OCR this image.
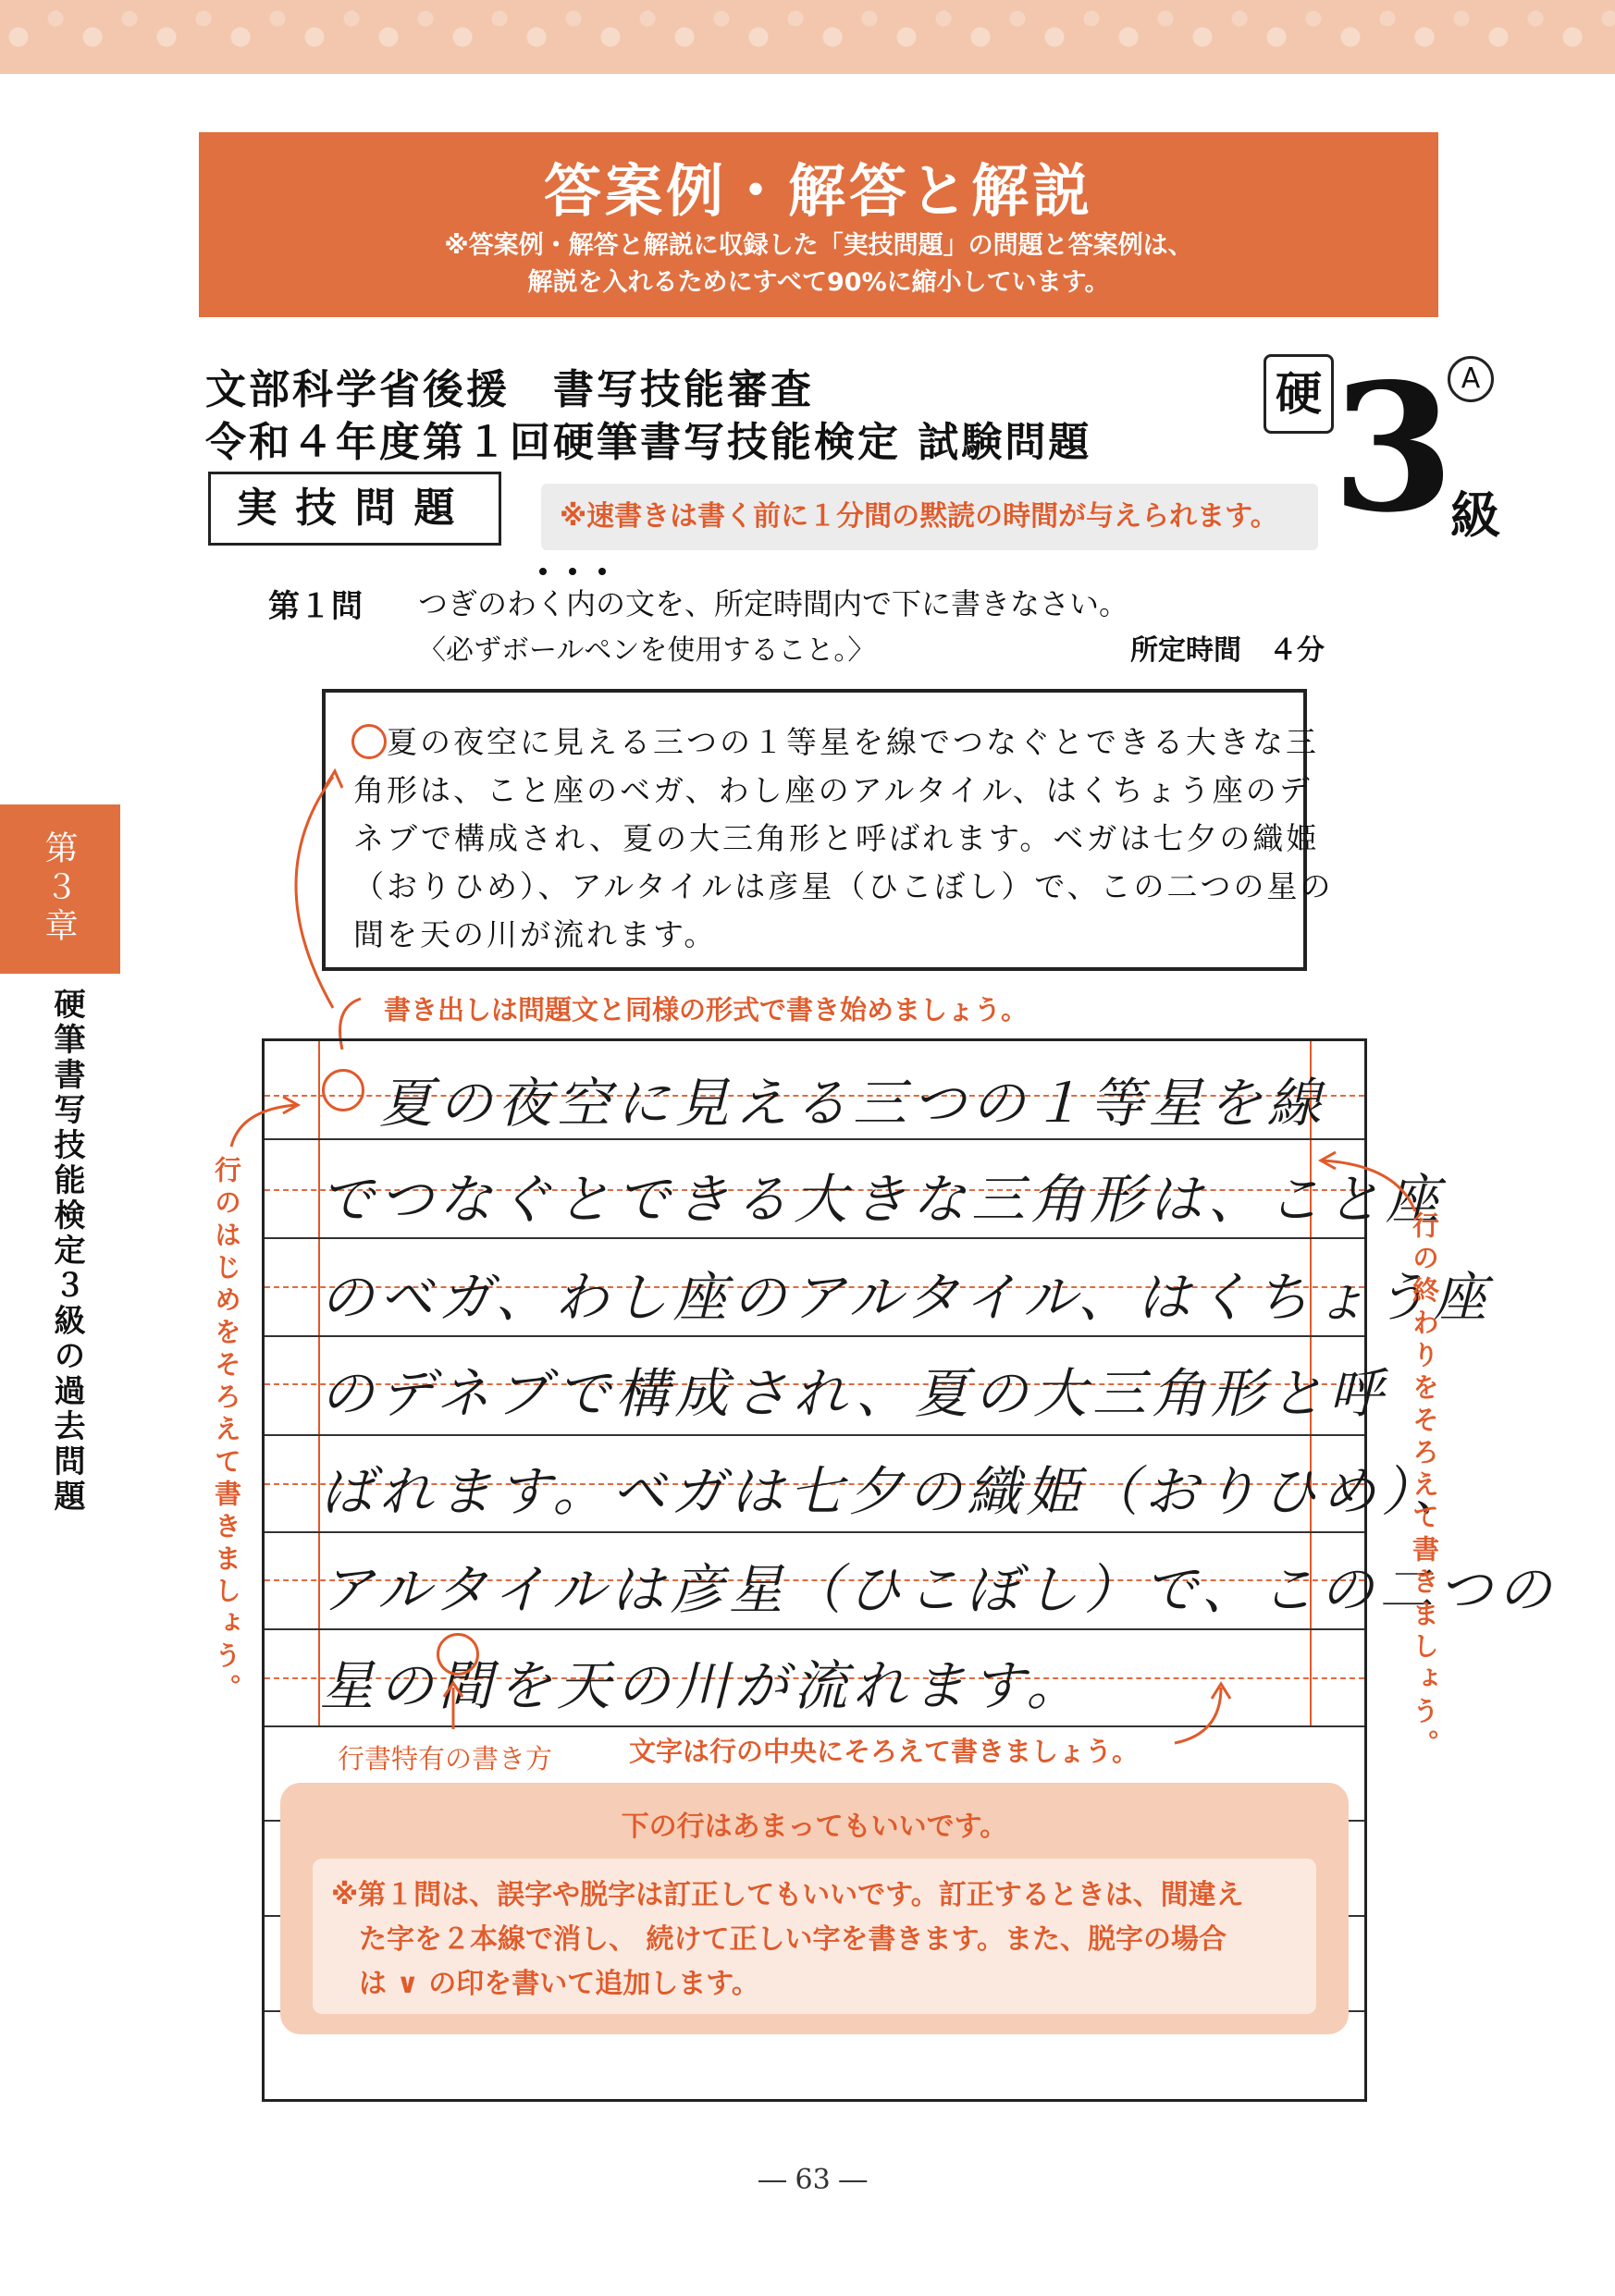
答案例・解答と解説
※答案例・解答と解説に収録した「実技問題」の問題と答案例は、
解説を入れるためにすべて90%に縮小しています。
文部科学省後援　書写技能審査
令和４年度第１回硬筆書写技能検定 試験問題
硬 3 A
級
実技問題	※速書きは書く前に１分間の黙読の時間が与えられます。
第１問 つぎのわく内の文を、所定時間内で下に書きなさい。
〈必ずボールペンを使用すること。〉	所定時間　４分
　夏の夜空に見える三つの１等星を線でつなぐとできる大きな三
角形は、こと座のベガ、わし座のアルタイル、はくちょう座のデ
ネブで構成され、夏の大三角形と呼ばれます。ベガは七夕の織姫
（おりひめ）、アルタイルは彦星（ひこぼし）で、この二つの星の
間を天の川が流れます。
書き出しは問題文と同様の形式で書き始めましょう。
　夏の夜空に見える三つの１等星を線
でつなぐとできる大きな三角形は、こと座
のベガ、わし座のアルタイル、はくちょう座
のデネブで構成され、夏の大三角形と呼
ばれます。ベガは七夕の織姫（おりひめ）、
アルタイルは彦星（ひこぼし）で、この二つの
星の間を天の川が流れます。
行のはじめをそろえて書きましょう。	行の終わりをそろえて書きましょう。
行書特有の書き方	文字は行の中央にそろえて書きましょう。
下の行はあまってもいいです。
※第１問は、誤字や脱字は訂正してもいいです。訂正するときは、間違え
た字を２本線で消し、 続けて正しい字を書きます。また、脱字の場合
は ∨ の印を書いて追加します。
第３章
硬筆書写技能検定３級の過去問題
― 63 ―
